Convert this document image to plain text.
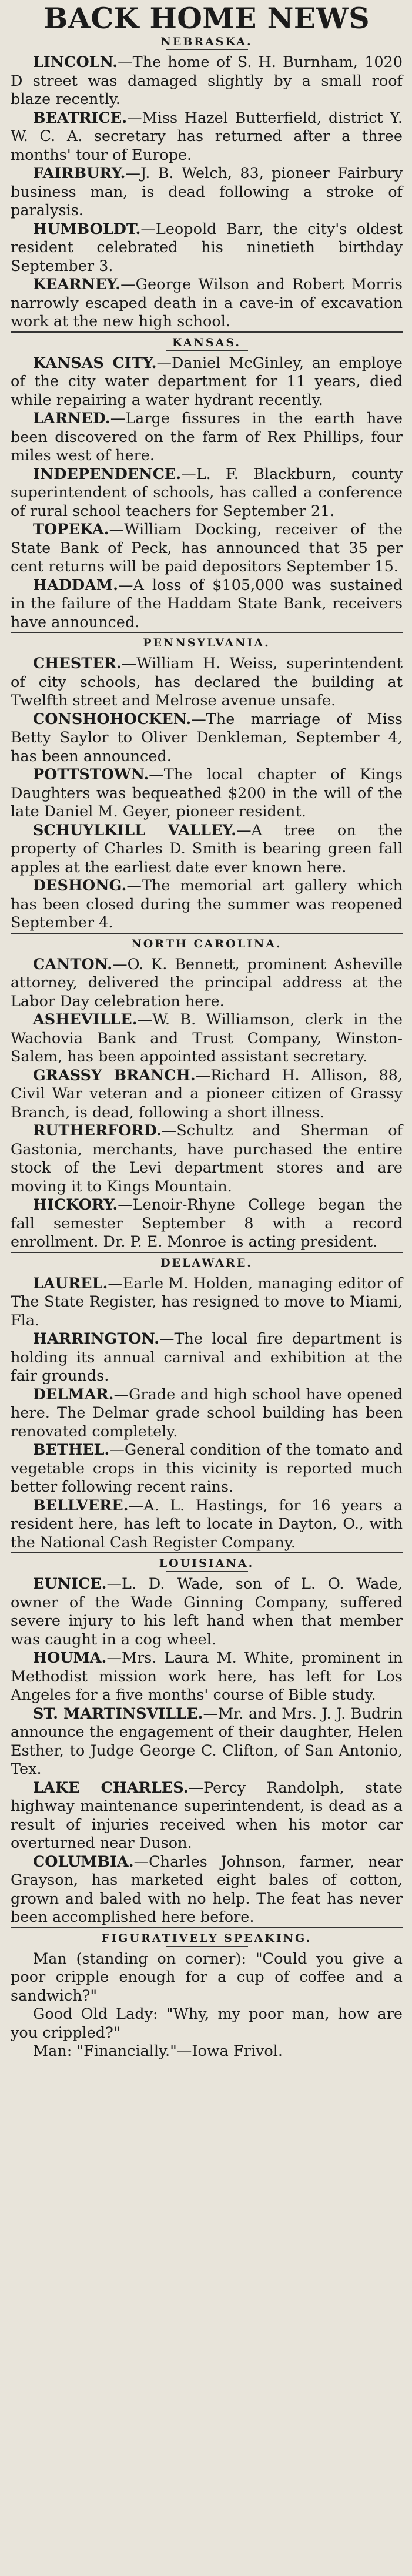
BACK HOME NEWS
NEBRASKA.

LINCOLN.—The home of S. H. Burnham, 1020 D street was damaged slightly by a small roof blaze recently.

BEATRICE.—Miss Hazel Butterfield, district Y. W. C. A. secretary has returned after a three months' tour of Europe.

FAIRBURY.—J. B. Welch, 83, pioneer Fairbury business man, is dead following a stroke of paralysis.

HUMBOLDT.—Leopold Barr, the city's oldest resident celebrated his ninetieth birthday September 3.

KEARNEY.—George Wilson and Robert Morris narrowly escaped death in a cave-in of excavation work at the new high school.

KANSAS.

KANSAS CITY.—Daniel McGinley, an employe of the city water department for 11 years, died while repairing a water hydrant recently.

LARNED.—Large fissures in the earth have been discovered on the farm of Rex Phillips, four miles west of here.

INDEPENDENCE.—L. F. Blackburn, county superintendent of schools, has called a conference of rural school teachers for September 21.

TOPEKA.—William Docking, receiver of the State Bank of Peck, has announced that 35 per cent returns will be paid depositors September 15.

HADDAM.—A loss of $105,000 was sustained in the failure of the Haddam State Bank, receivers have announced.

PENNSYLVANIA.

CHESTER.—William H. Weiss, superintendent of city schools, has declared the building at Twelfth street and Melrose avenue unsafe.

CONSHOHOCKEN.—The marriage of Miss Betty Saylor to Oliver Denkleman, September 4, has been announced.

POTTSTOWN.—The local chapter of Kings Daughters was bequeathed $200 in the will of the late Daniel M. Geyer, pioneer resident.

SCHUYLKILL VALLEY.—A tree on the property of Charles D. Smith is bearing green fall apples at the earliest date ever known here.

DESHONG.—The memorial art gallery which has been closed during the summer was reopened September 4.

NORTH CAROLINA.

CANTON.—O. K. Bennett, prominent Asheville attorney, delivered the principal address at the Labor Day celebration here.

ASHEVILLE.—W. B. Williamson, clerk in the Wachovia Bank and Trust Company, Winston-Salem, has been appointed assistant secretary.

GRASSY BRANCH.—Richard H. Allison, 88, Civil War veteran and a pioneer citizen of Grassy Branch, is dead, following a short illness.

RUTHERFORD.—Schultz and Sherman of Gastonia, merchants, have purchased the entire stock of the Levi department stores and are moving it to Kings Mountain.

HICKORY.—Lenoir-Rhyne College began the fall semester September 8 with a record enrollment. Dr. P. E. Monroe is acting president.

DELAWARE.

LAUREL.—Earle M. Holden, managing editor of The State Register, has resigned to move to Miami, Fla.

HARRINGTON.—The local fire department is holding its annual carnival and exhibition at the fair grounds.

DELMAR.—Grade and high school have opened here. The Delmar grade school building has been renovated completely.

BETHEL.—General condition of the tomato and vegetable crops in this vicinity is reported much better following recent rains.

BELLVERE.—A. L. Hastings, for 16 years a resident here, has left to locate in Dayton, O., with the National Cash Register Company.

LOUISIANA.

EUNICE.—L. D. Wade, son of L. O. Wade, owner of the Wade Ginning Company, suffered severe injury to his left hand when that member was caught in a cog wheel.

HOUMA.—Mrs. Laura M. White, prominent in Methodist mission work here, has left for Los Angeles for a five months' course of Bible study.

ST. MARTINSVILLE.—Mr. and Mrs. J. J. Budrin announce the engagement of their daughter, Helen Esther, to Judge George C. Clifton, of San Antonio, Tex.

LAKE CHARLES.—Percy Randolph, state highway maintenance superintendent, is dead as a result of injuries received when his motor car overturned near Duson.

COLUMBIA.—Charles Johnson, farmer, near Grayson, has marketed eight bales of cotton, grown and baled with no help. The feat has never been accomplished here before.

FIGURATIVELY SPEAKING.

Man (standing on corner): "Could you give a poor cripple enough for a cup of coffee and a sandwich?"

Good Old Lady: "Why, my poor man, how are you crippled?"

Man: "Financially."—Iowa Frivol.
